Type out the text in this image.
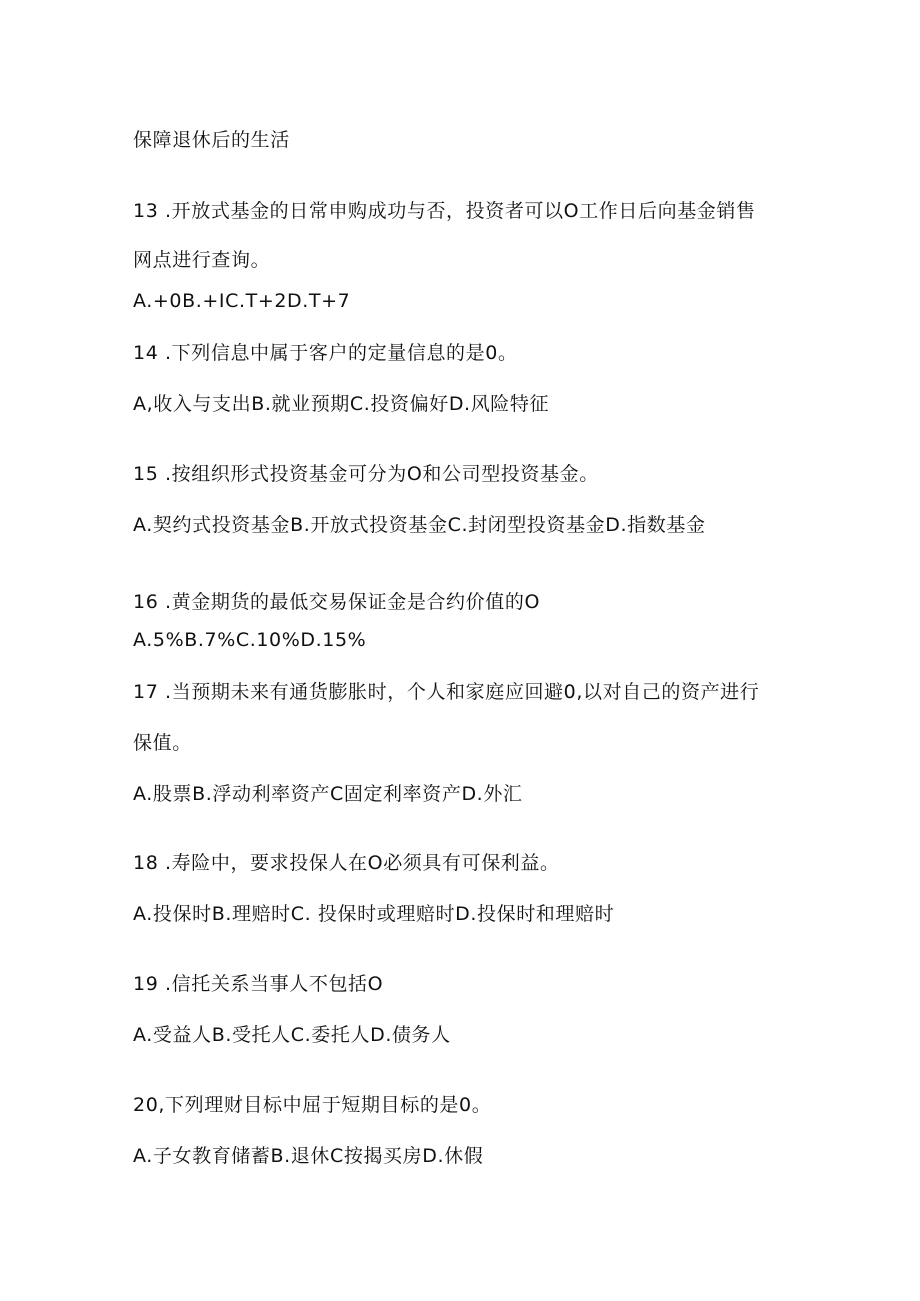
保障退休后的生活

13 .开放式基金的日常申购成功与否，投资者可以O工作日后向基金销售

网点进行查询。

A.+0B.+IC.T+2D.T+7

14 .下列信息中属于客户的定量信息的是0。

A,收入与支出B.就业预期C.投资偏好D.风险特征

15 .按组织形式投资基金可分为O和公司型投资基金。

A.契约式投资基金B.开放式投资基金C.封闭型投资基金D.指数基金

16 .黄金期货的最低交易保证金是合约价值的O

A.5%B.7%C.10%D.15%

17 .当预期未来有通货膨胀时，个人和家庭应回避0,以对自己的资产进行

保值。

A.股票B.浮动利率资产C固定利率资产D.外汇

18 .寿险中，要求投保人在O必须具有可保利益。

A.投保时B.理赔时C. 投保时或理赔时D.投保时和理赔时

19 .信托关系当事人不包括O

A.受益人B.受托人C.委托人D.债务人

20,下列理财目标中屈于短期目标的是0。

A.子女教育储蓄B.退休C按揭买房D.休假
